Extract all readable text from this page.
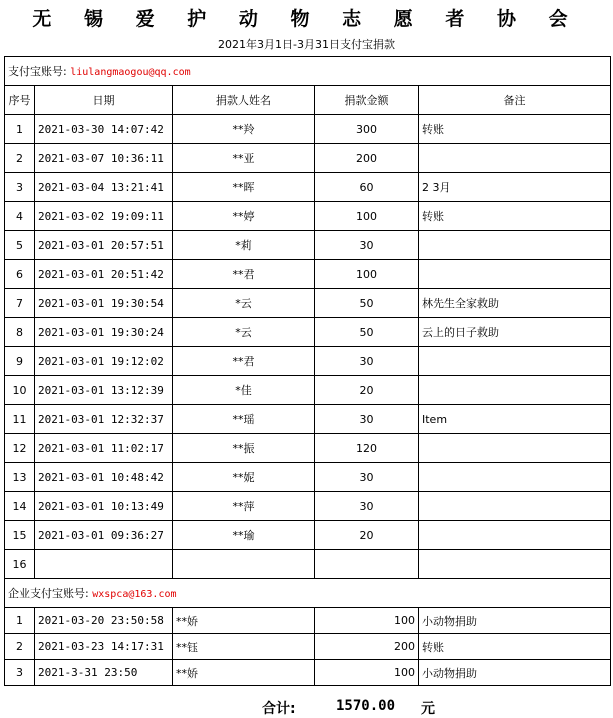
无 锡 爱 护 动 物 志 愿 者 协 会
2021年3月1日-3月31日支付宝捐款
支付宝账号: liulangmaogou@qq.com				
序号	日期	捐款人姓名	捐款金额	备注
1	2021-03-30 14:07:42	**羚	300	转账
2	2021-03-07 10:36:11	**亚	200	
3	2021-03-04 13:21:41	**晖	60	2 3月
4	2021-03-02 19:09:11	**婷	100	转账
5	2021-03-01 20:57:51	*莉	30	
6	2021-03-01 20:51:42	**君	100	
7	2021-03-01 19:30:54	*云	50	林先生全家救助
8	2021-03-01 19:30:24	*云	50	云上的日子救助
9	2021-03-01 19:12:02	**君	30	
10	2021-03-01 13:12:39	*佳	20	
11	2021-03-01 12:32:37	**瑶	30	Item
12	2021-03-01 11:02:17	**振	120	
13	2021-03-01 10:48:42	**妮	30	
14	2021-03-01 10:13:49	**萍	30	
15	2021-03-01 09:36:27	**瑜	20	
16				
企业支付宝账号: wxspca@163.com				
1	2021-03-20 23:50:58	**娇	100	小动物捐助
2	2021-03-23 14:17:31	**钰	200	转账
3	2021-3-31 23:50	**娇	100	小动物捐助
合计:	1570.00 元
